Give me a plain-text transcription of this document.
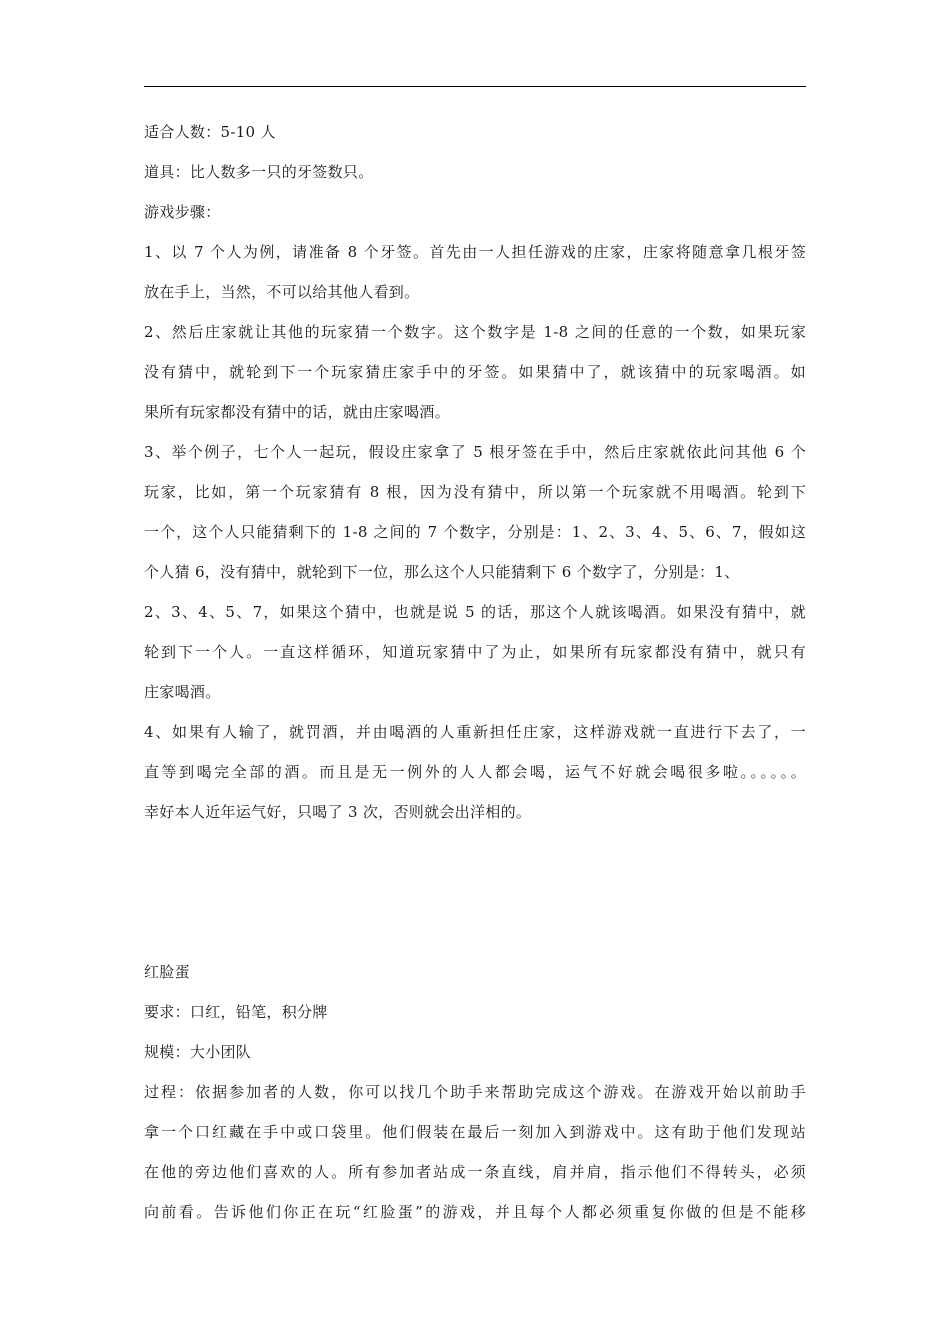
适合人数：5-10 人
道具：比人数多一只的牙签数只。
游戏步骤：
1、以 7 个人为例，请准备 8 个牙签。首先由一人担任游戏的庄家，庄家将随意拿几根牙签
放在手上，当然，不可以给其他人看到。
2、然后庄家就让其他的玩家猜一个数字。这个数字是 1-8 之间的任意的一个数，如果玩家
没有猜中，就轮到下一个玩家猜庄家手中的牙签。如果猜中了，就该猜中的玩家喝酒。如
果所有玩家都没有猜中的话，就由庄家喝酒。
3、举个例子，七个人一起玩，假设庄家拿了 5 根牙签在手中，然后庄家就依此问其他 6 个
玩家，比如，第一个玩家猜有 8 根，因为没有猜中，所以第一个玩家就不用喝酒。轮到下
一个，这个人只能猜剩下的 1-8 之间的 7 个数字，分别是：1、2、3、4、5、6、7，假如这
个人猜 6，没有猜中，就轮到下一位，那么这个人只能猜剩下 6 个数字了，分别是：1、
2、3、4、5、7，如果这个猜中，也就是说 5 的话，那这个人就该喝酒。如果没有猜中，就
轮到下一个人。一直这样循环，知道玩家猜中了为止，如果所有玩家都没有猜中，就只有
庄家喝酒。
4、如果有人输了，就罚酒，并由喝酒的人重新担任庄家，这样游戏就一直进行下去了，一
直等到喝完全部的酒。而且是无一例外的人人都会喝，运气不好就会喝很多啦。。。。。。
幸好本人近年运气好，只喝了 3 次，否则就会出洋相的。
红脸蛋
要求：口红，铅笔，积分牌
规模：大小团队
过程：依据参加者的人数，你可以找几个助手来帮助完成这个游戏。在游戏开始以前助手
拿一个口红藏在手中或口袋里。他们假装在最后一刻加入到游戏中。这有助于他们发现站
在他的旁边他们喜欢的人。所有参加者站成一条直线，肩并肩，指示他们不得转头，必须
向前看。告诉他们你正在玩“红脸蛋”的游戏，并且每个人都必须重复你做的但是不能移
